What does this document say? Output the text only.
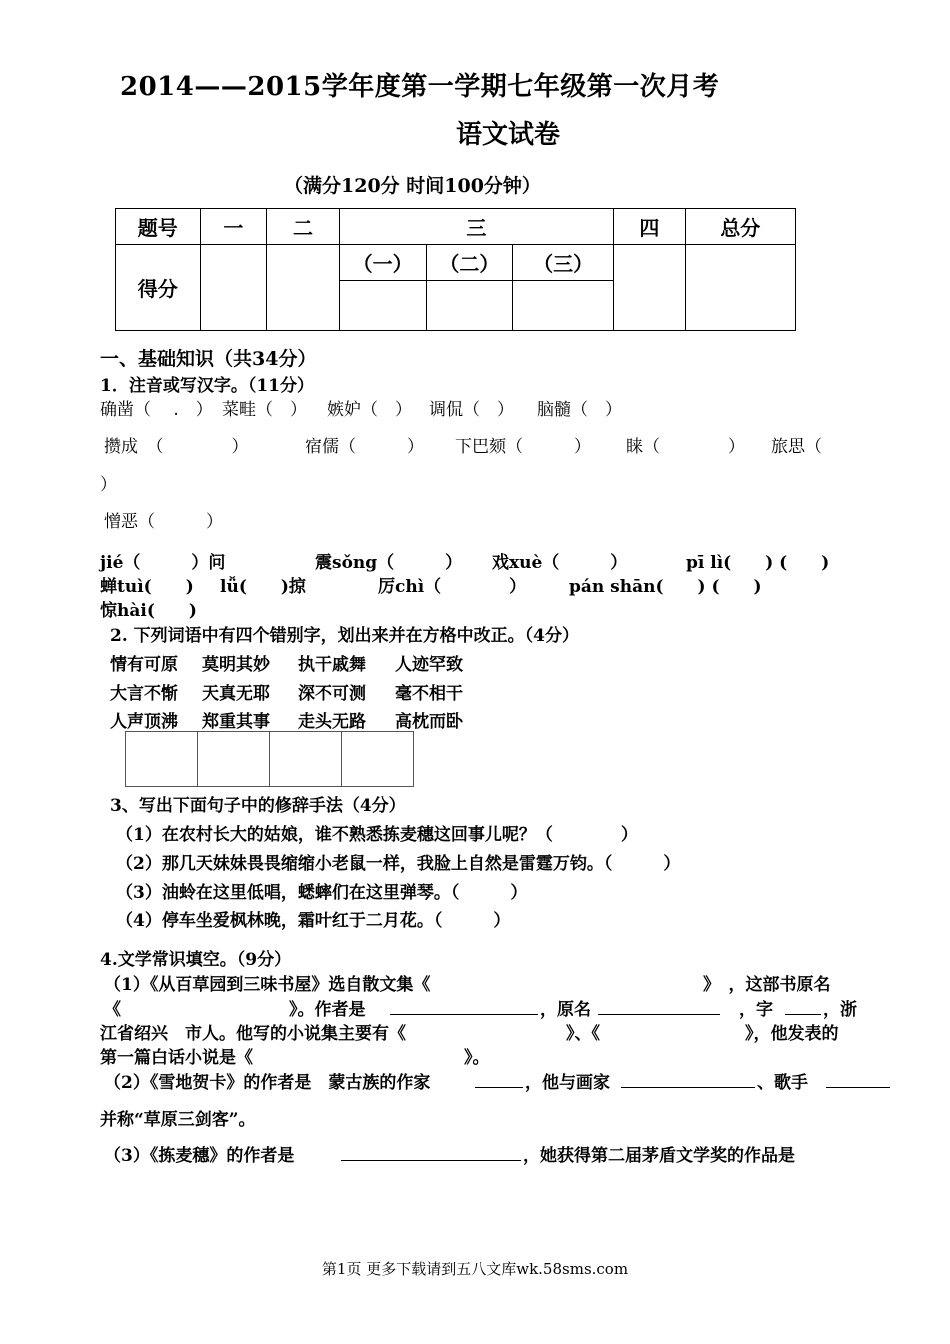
2014——2015学年度第一学期七年级第一次月考
语文试卷
（满分120分 时间100分钟）
题号	一	二	三			四	总分
得分			（一）	（二）	（三）		

一、基础知识（共34分）
1．注音或写汉字。（11分）
确凿（　 .　） 菜畦（　） 嫉妒（　） 调侃（　） 脑髓（　）
攒成　（　　　　）	宿儒（　　　） 下巴颏（　　　） 睐（　　　　） 旅思（
）
憎恶（　　　）
jié（　　　）问	震sǒng（　　　） 戏xuè（　　　）	pī lì(　　) (　　)
蝉tuì(　　) lǚ(　　)掠	厉chì（　　　　）	pán shān(　　) (　　)
惊hài(　　)
2. 下列词语中有四个错别字，划出来并在方格中改正。（4分）
情有可原 莫明其妙 执干戚舞 人迹罕致
大言不惭 天真无耶 深不可测 毫不相干
人声顶沸 郑重其事 走头无路 高枕而卧
3、写出下面句子中的修辞手法（4分）
（1）在农村长大的姑娘，谁不熟悉拣麦穗这回事儿呢？（　　　　）
（2）那几天妹妹畏畏缩缩小老鼠一样，我脸上自然是雷霆万钧。（　　　）
（3）油蛉在这里低唱，蟋蟀们在这里弹琴。（　　　）
（4）停车坐爱枫林晚，霜叶红于二月花。（　　　）
4.文学常识填空。（9分）
（1）《从百草园到三味书屋》选自散文集《	》　，这部书原名
《	》。作者是	，原名	　，字	，浙
江省绍兴　市人。他写的小说集主要有《	》、《	》，他发表的
第一篇白话小说是《	》。
（2）《雪地贺卡》的作者是　蒙古族的作家	，他与画家	、歌手
并称“草原三剑客”。
（3）《拣麦穗》的作者是	，她获得第二届茅盾文学奖的作品是
第1页 更多下载请到五八文库wk.58sms.com
